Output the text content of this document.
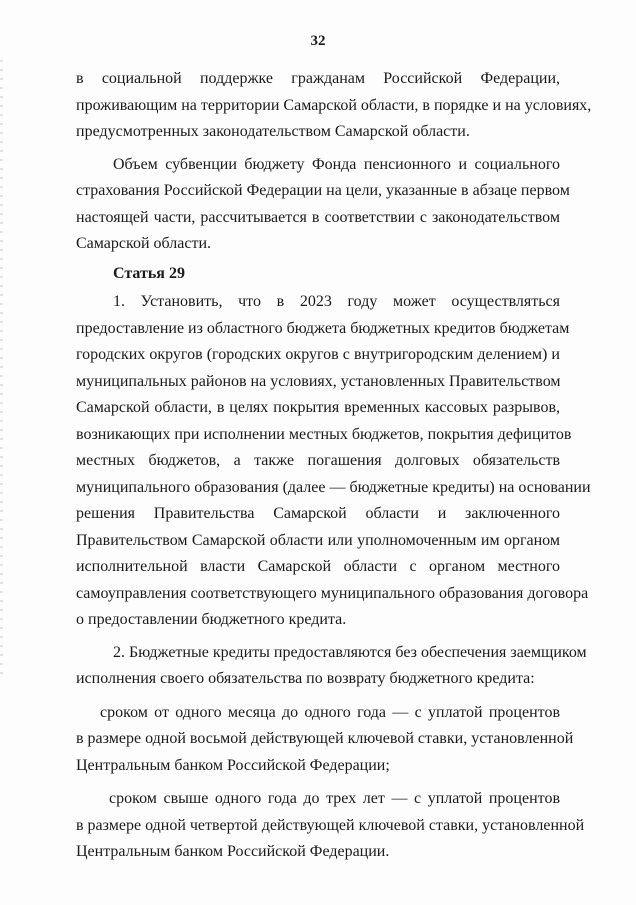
32
в социальной поддержке гражданам Российской Федерации,
проживающим на территории Самарской области, в порядке и на условиях,
предусмотренных законодательством Самарской области.
Объем субвенции бюджету Фонда пенсионного и социального
страхования Российской Федерации на цели, указанные в абзаце первом
настоящей части, рассчитывается в соответствии с законодательством
Самарской области.
Статья 29
1. Установить, что в 2023 году может осуществляться
предоставление из областного бюджета бюджетных кредитов бюджетам
городских округов (городских округов с внутригородским делением) и
муниципальных районов на условиях, установленных Правительством
Самарской области, в целях покрытия временных кассовых разрывов,
возникающих при исполнении местных бюджетов, покрытия дефицитов
местных бюджетов, а также погашения долговых обязательств
муниципального образования (далее — бюджетные кредиты) на основании
решения Правительства Самарской области и заключенного
Правительством Самарской области или уполномоченным им органом
исполнительной власти Самарской области с органом местного
самоуправления соответствующего муниципального образования договора
о предоставлении бюджетного кредита.
2. Бюджетные кредиты предоставляются без обеспечения заемщиком
исполнения своего обязательства по возврату бюджетного кредита:
сроком от одного месяца до одного года — с уплатой процентов
в размере одной восьмой действующей ключевой ставки, установленной
Центральным банком Российской Федерации;
сроком свыше одного года до трех лет — с уплатой процентов
в размере одной четвертой действующей ключевой ставки, установленной
Центральным банком Российской Федерации.
